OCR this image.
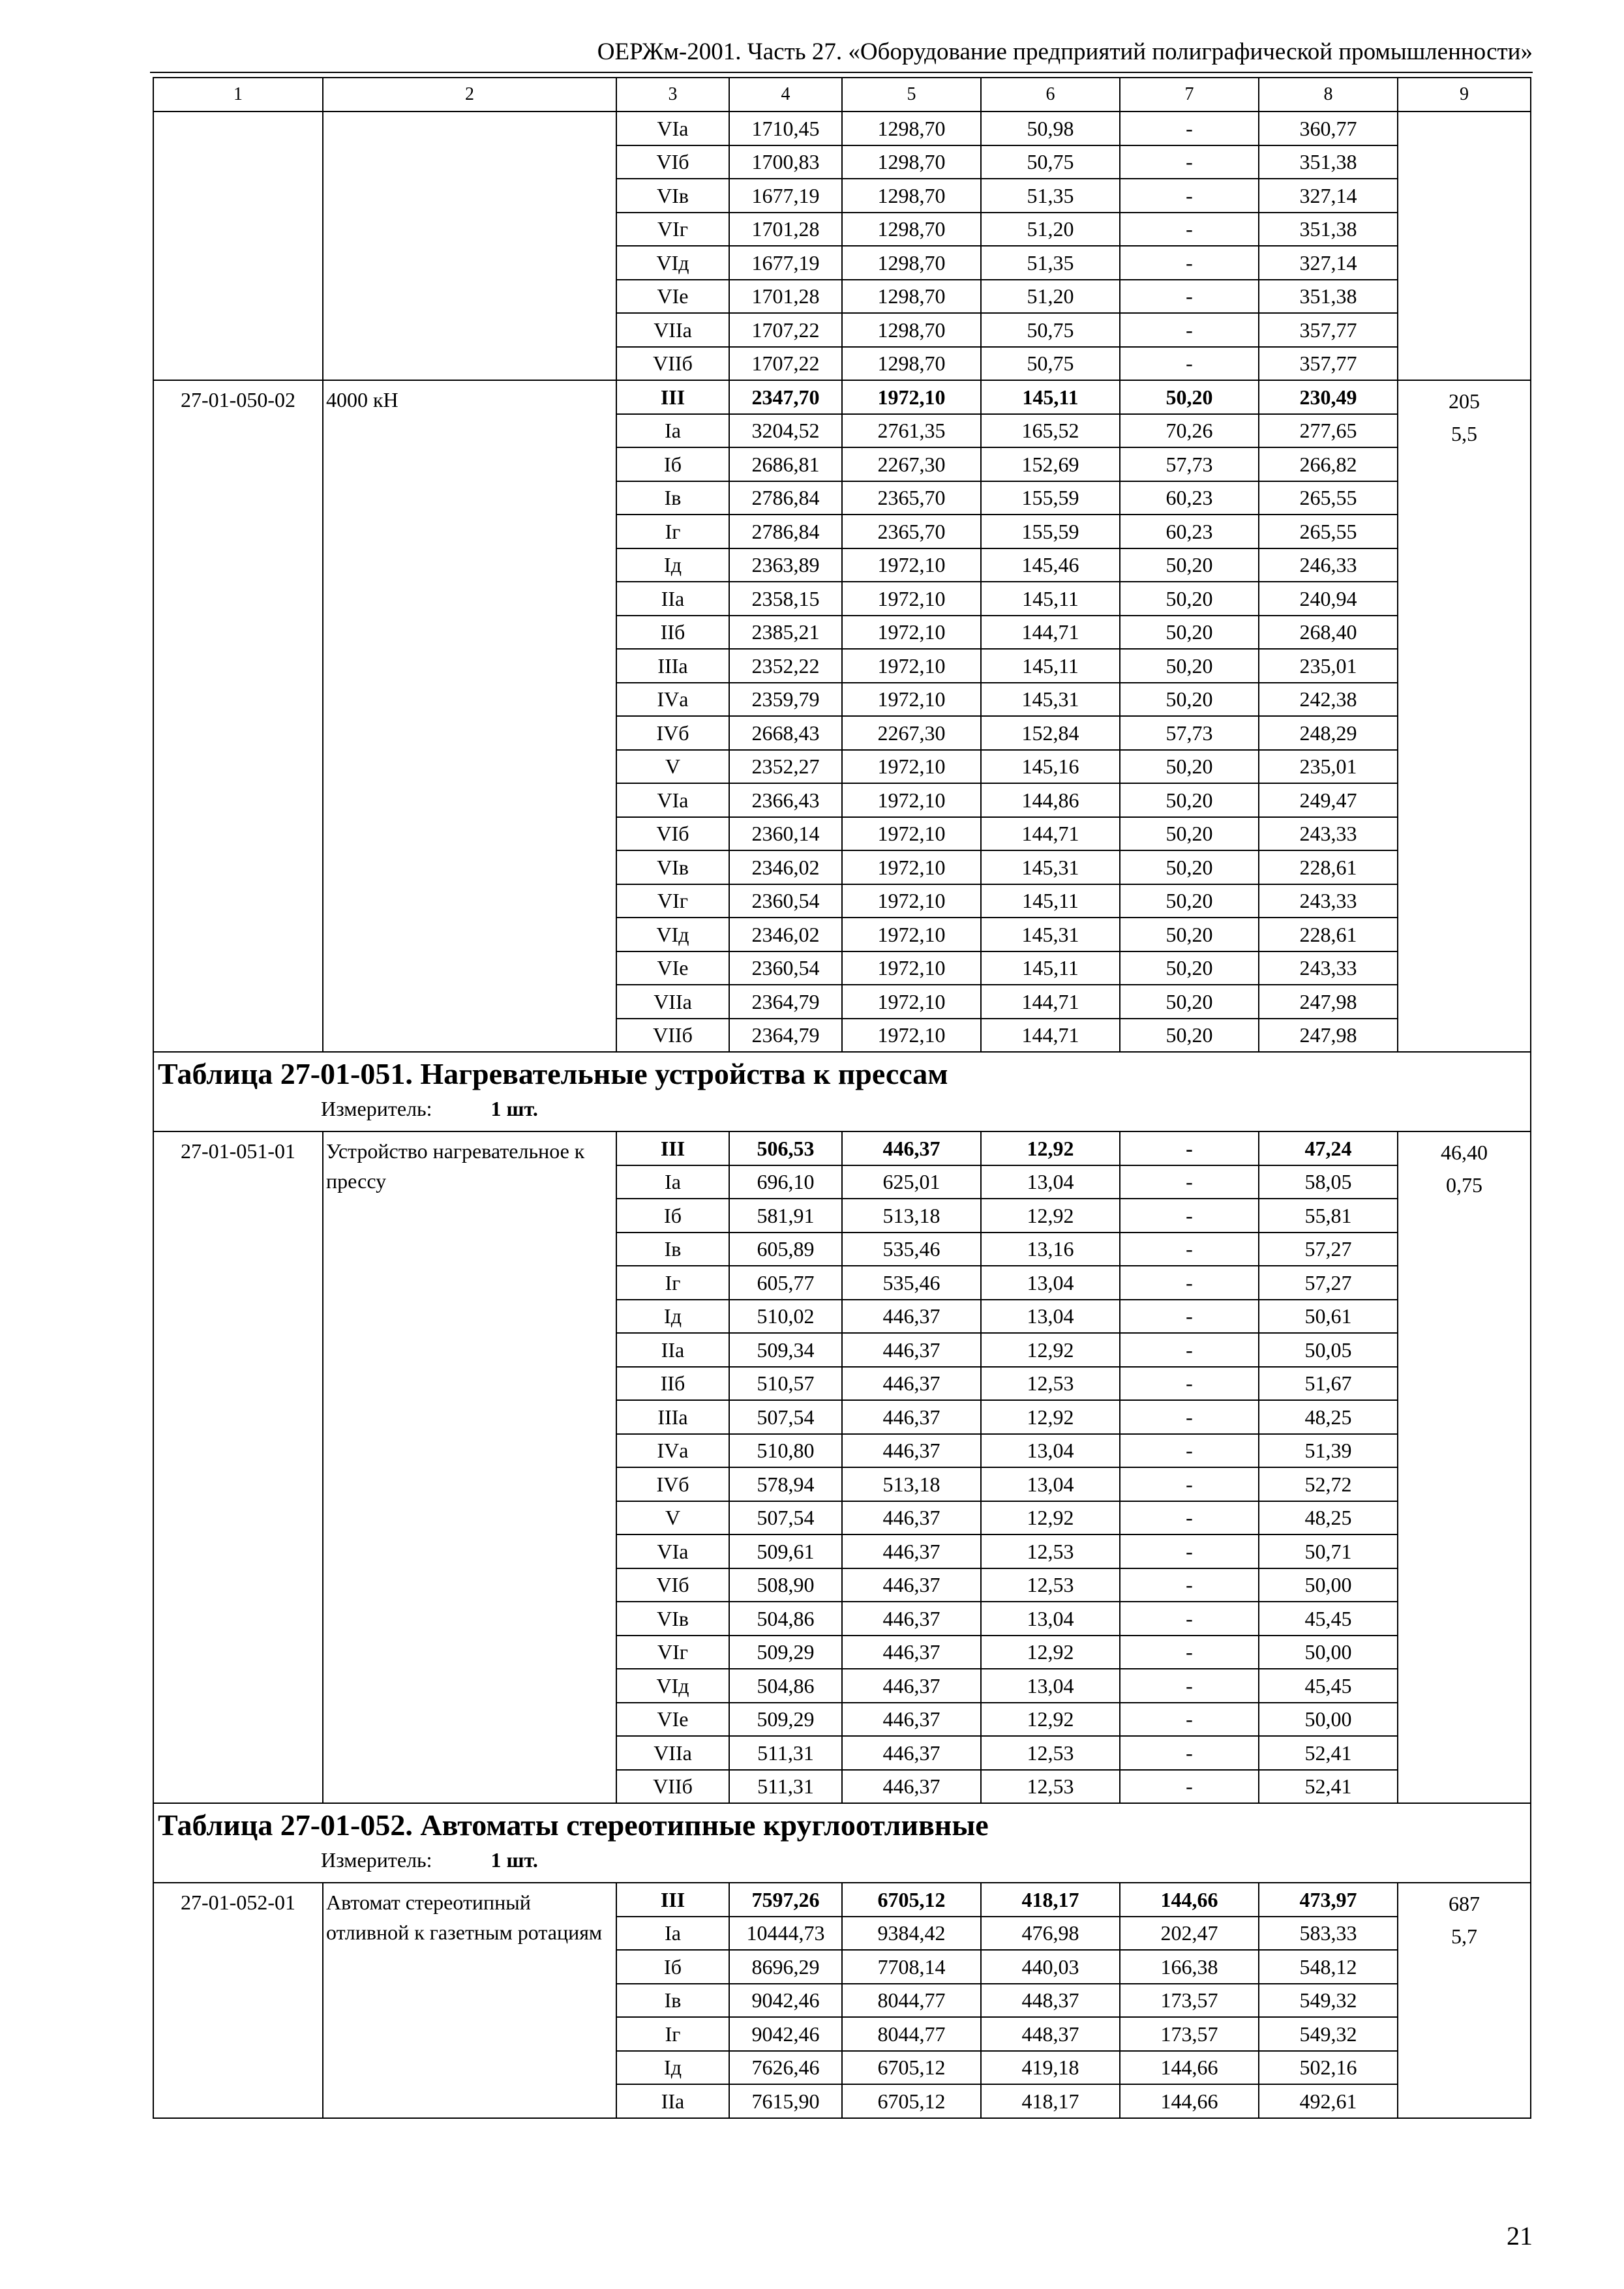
ОЕРЖм-2001. Часть 27. «Оборудование предприятий полиграфической промышленности»
1	2	3	4	5	6	7	8	9
		VIа	1710,45	1298,70	50,98	-	360,77	
		VIб	1700,83	1298,70	50,75	-	351,38	
		VIв	1677,19	1298,70	51,35	-	327,14	
		VIг	1701,28	1298,70	51,20	-	351,38	
		VIд	1677,19	1298,70	51,35	-	327,14	
		VIе	1701,28	1298,70	51,20	-	351,38	
		VIIа	1707,22	1298,70	50,75	-	357,77	
		VIIб	1707,22	1298,70	50,75	-	357,77	
27-01-050-02	4000 кН	III	2347,70	1972,10	145,11	50,20	230,49	205
5,5

		Iа	3204,52	2761,35	165,52	70,26	277,65	
		Iб	2686,81	2267,30	152,69	57,73	266,82	
		Iв	2786,84	2365,70	155,59	60,23	265,55	
		Iг	2786,84	2365,70	155,59	60,23	265,55	
		Iд	2363,89	1972,10	145,46	50,20	246,33	
		IIа	2358,15	1972,10	145,11	50,20	240,94	
		IIб	2385,21	1972,10	144,71	50,20	268,40	
		IIIа	2352,22	1972,10	145,11	50,20	235,01	
		IVа	2359,79	1972,10	145,31	50,20	242,38	
		IVб	2668,43	2267,30	152,84	57,73	248,29	
		V	2352,27	1972,10	145,16	50,20	235,01	
		VIа	2366,43	1972,10	144,86	50,20	249,47	
		VIб	2360,14	1972,10	144,71	50,20	243,33	
		VIв	2346,02	1972,10	145,31	50,20	228,61	
		VIг	2360,54	1972,10	145,11	50,20	243,33	
		VIд	2346,02	1972,10	145,31	50,20	228,61	
		VIе	2360,54	1972,10	145,11	50,20	243,33	
		VIIа	2364,79	1972,10	144,71	50,20	247,98	
		VIIб	2364,79	1972,10	144,71	50,20	247,98	

Таблица 27-01-051. Нагревательные устройства к прессам
Измеритель: 1 шт.								

27-01-051-01	Устройство нагревательное к прессу	III	506,53	446,37	12,92	-	47,24	46,40
0,75

		Iа	696,10	625,01	13,04	-	58,05	
		Iб	581,91	513,18	12,92	-	55,81	
		Iв	605,89	535,46	13,16	-	57,27	
		Iг	605,77	535,46	13,04	-	57,27	
		Iд	510,02	446,37	13,04	-	50,61	
		IIа	509,34	446,37	12,92	-	50,05	
		IIб	510,57	446,37	12,53	-	51,67	
		IIIа	507,54	446,37	12,92	-	48,25	
		IVа	510,80	446,37	13,04	-	51,39	
		IVб	578,94	513,18	13,04	-	52,72	
		V	507,54	446,37	12,92	-	48,25	
		VIа	509,61	446,37	12,53	-	50,71	
		VIб	508,90	446,37	12,53	-	50,00	
		VIв	504,86	446,37	13,04	-	45,45	
		VIг	509,29	446,37	12,92	-	50,00	
		VIд	504,86	446,37	13,04	-	45,45	
		VIе	509,29	446,37	12,92	-	50,00	
		VIIа	511,31	446,37	12,53	-	52,41	
		VIIб	511,31	446,37	12,53	-	52,41	

Таблица 27-01-052. Автоматы стереотипные круглоотливные
Измеритель: 1 шт.								

27-01-052-01	Автомат стереотипный отливной к газетным ротациям	III	7597,26	6705,12	418,17	144,66	473,97	687
5,7

		Iа	10444,73	9384,42	476,98	202,47	583,33	
		Iб	8696,29	7708,14	440,03	166,38	548,12	
		Iв	9042,46	8044,77	448,37	173,57	549,32	
		Iг	9042,46	8044,77	448,37	173,57	549,32	
		Iд	7626,46	6705,12	419,18	144,66	502,16	
		IIа	7615,90	6705,12	418,17	144,66	492,61	
21
